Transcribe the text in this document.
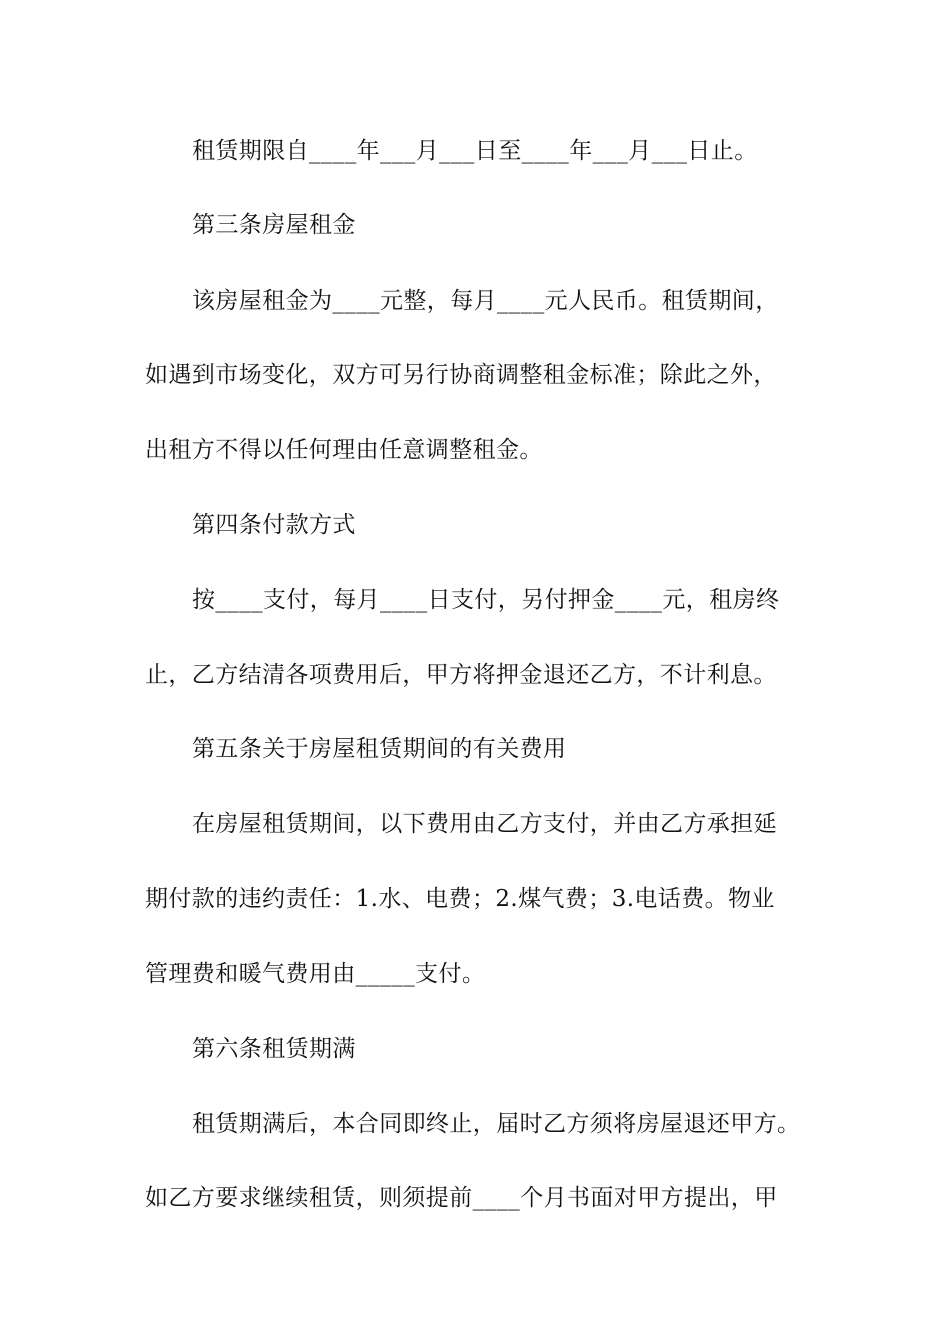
租赁期限自____年___月___日至____年___月___日止。
第三条房屋租金
该房屋租金为____元整，每月____元人民币。租赁期间，
如遇到市场变化，双方可另行协商调整租金标准；除此之外，
出租方不得以任何理由任意调整租金。
第四条付款方式
按____支付，每月____日支付，另付押金____元，租房终
止，乙方结清各项费用后，甲方将押金退还乙方，不计利息。
第五条关于房屋租赁期间的有关费用
在房屋租赁期间，以下费用由乙方支付，并由乙方承担延
期付款的违约责任：1.水、电费；2.煤气费；3.电话费。物业
管理费和暖气费用由_____支付。
第六条租赁期满
租赁期满后，本合同即终止，届时乙方须将房屋退还甲方。
如乙方要求继续租赁，则须提前____个月书面对甲方提出，甲
